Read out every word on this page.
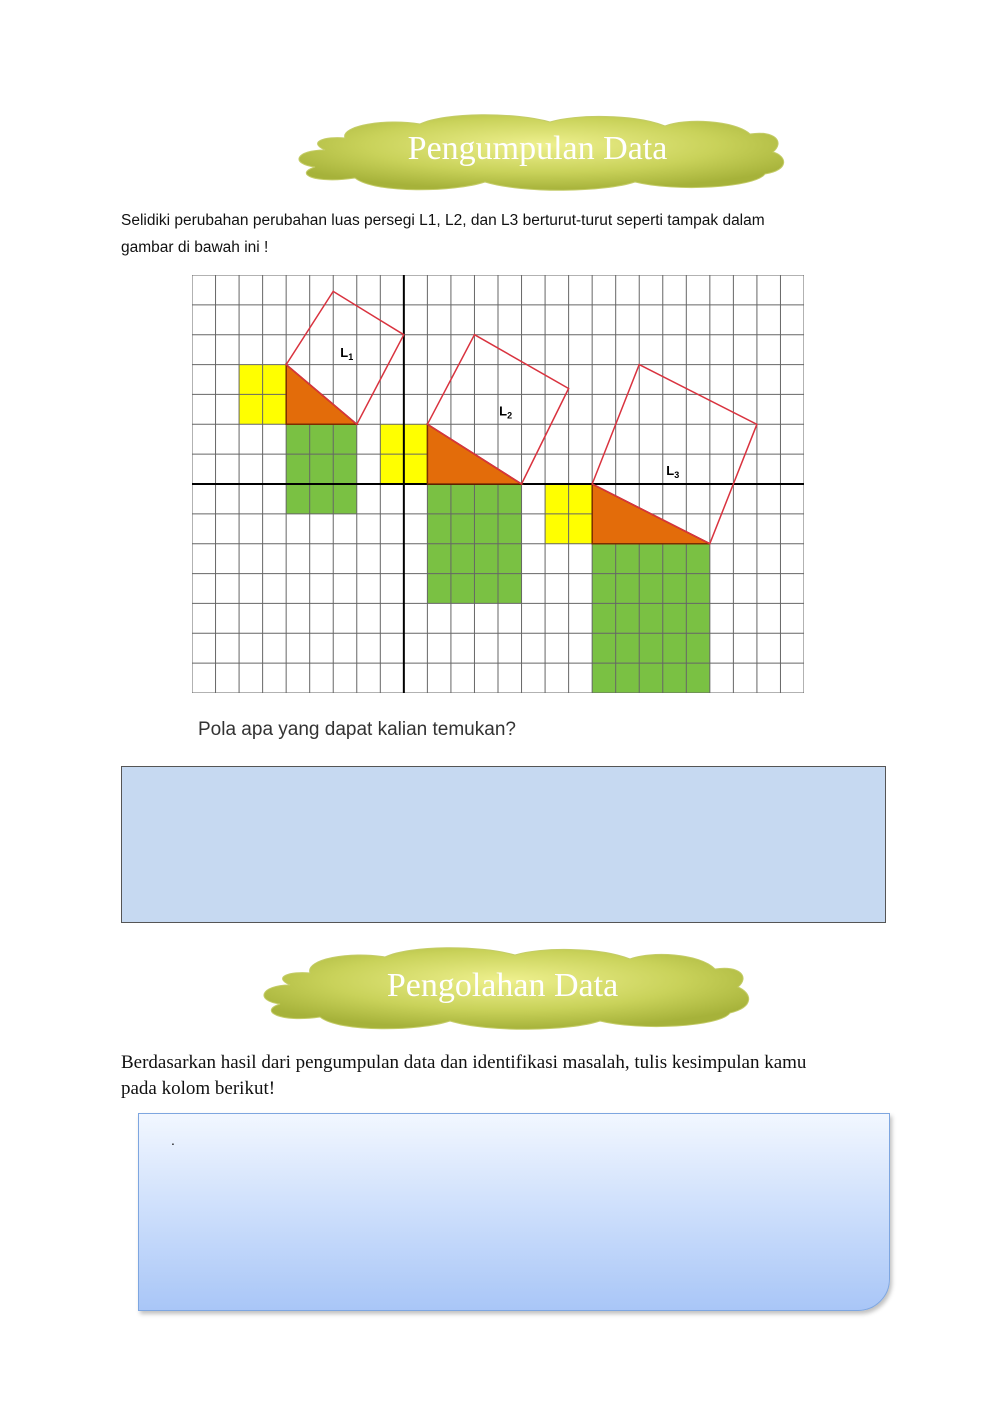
Pengumpulan Data
Selidiki perubahan perubahan luas persegi L1, L2, dan L3 berturut-turut seperti tampak dalam
gambar di bawah ini !
$L_1$
$L_2$
$L_3$
Pola apa yang dapat kalian temukan?
Pengolahan Data
Berdasarkan hasil dari pengumpulan data dan identifikasi masalah, tulis kesimpulan kamu
pada kolom berikut!
.
